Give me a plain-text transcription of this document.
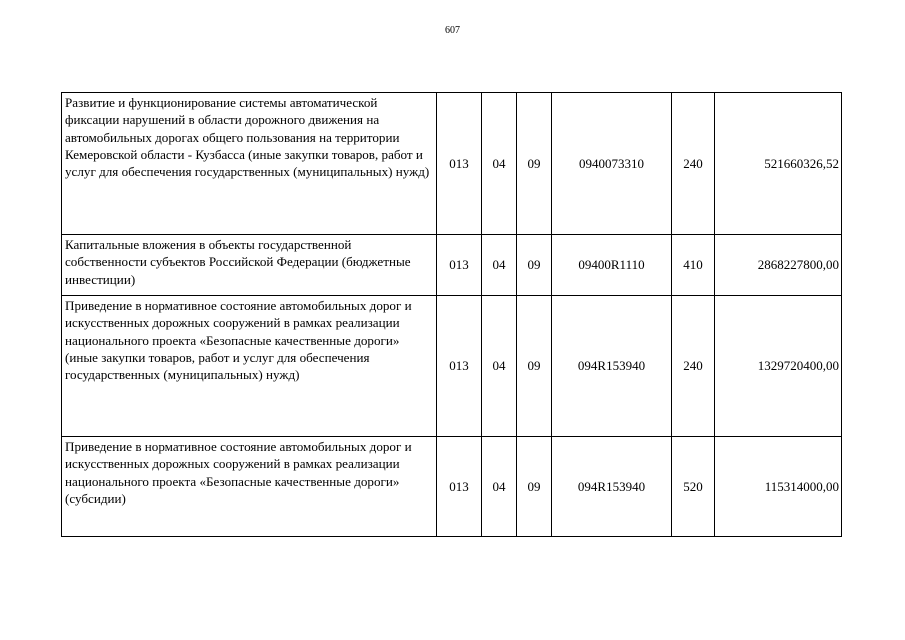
607
Развитие и функционирование системы автоматической фиксации нарушений в области дорожного движения на автомобильных дорогах общего пользования на территории Кемеровской области - Кузбасса (иные закупки товаров, работ и услуг для обеспечения государственных (муниципальных) нужд)	013	04	09	0940073310	240	521660326,52
Капитальные вложения в объекты государственной собственности субъектов Российской Федерации (бюджетные инвестиции)	013	04	09	09400R1110	410	2868227800,00
Приведение в нормативное состояние автомобильных дорог и искусственных дорожных сооружений в рамках реализации национального проекта «Безопасные качественные дороги» (иные закупки товаров, работ и услуг для обеспечения государственных (муниципальных) нужд)	013	04	09	094R153940	240	1329720400,00
Приведение в нормативное состояние автомобильных дорог и искусственных дорожных сооружений в рамках реализации национального проекта «Безопасные качественные дороги» (субсидии)	013	04	09	094R153940	520	115314000,00
